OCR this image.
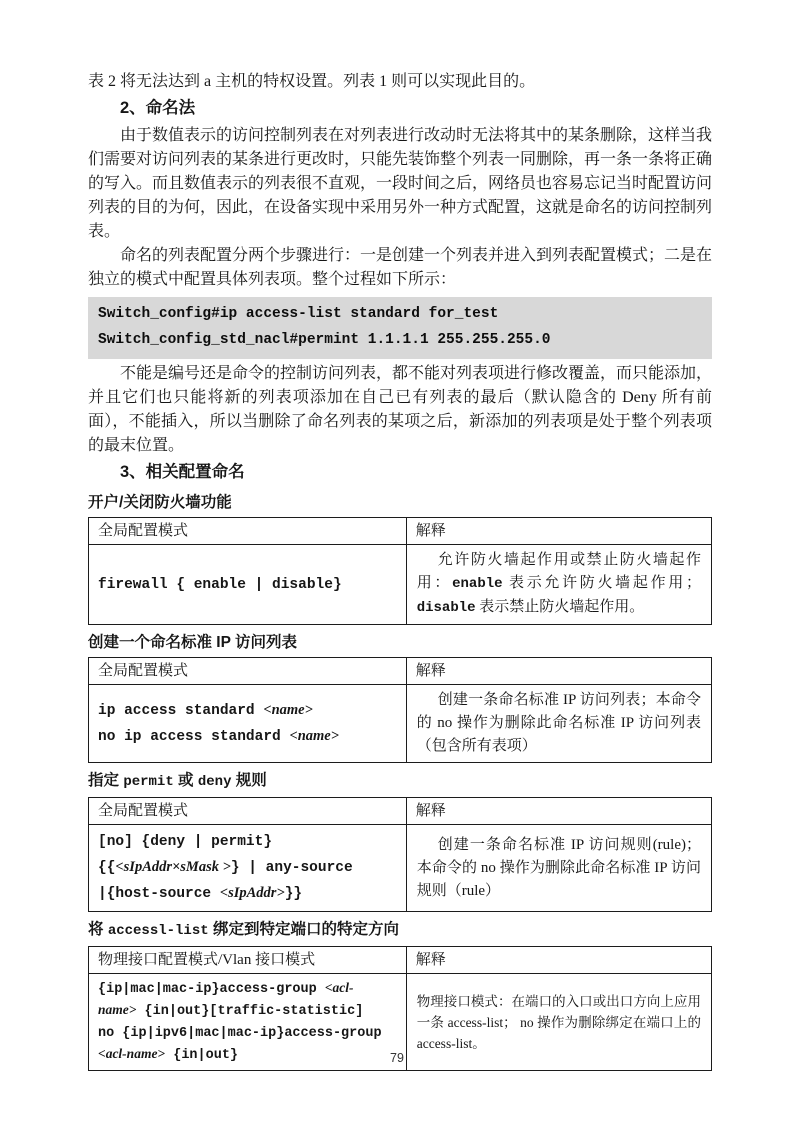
表 2 将无法达到 a 主机的特权设置。列表 1 则可以实现此目的。

2、命名法

由于数值表示的访问控制列表在对列表进行改动时无法将其中的某条删除，这样当我们需要对访问列表的某条进行更改时，只能先装饰整个列表一同删除，再一条一条将正确的写入。而且数值表示的列表很不直观，一段时间之后，网络员也容易忘记当时配置访问列表的目的为何，因此，在设备实现中采用另外一种方式配置，这就是命名的访问控制列表。

命名的列表配置分两个步骤进行：一是创建一个列表并进入到列表配置模式；二是在独立的模式中配置具体列表项。整个过程如下所示：

Switch_config#ip access-list standard for_test
Switch_config_std_nacl#permint 1.1.1.1 255.255.255.0

不能是编号还是命令的控制访问列表，都不能对列表项进行修改覆盖，而只能添加，并且它们也只能将新的列表项添加在自己已有列表的最后（默认隐含的 Deny 所有前面），不能插入，所以当删除了命名列表的某项之后，新添加的列表项是处于整个列表项的最末位置。

3、相关配置命名
开户/关闭防火墙功能
全局配置模式	解释

firewall { enable | disable}	允许防火墙起作用或禁止防火墙起作用：enable 表示允许防火墙起作用； disable 表示禁止防火墙起作用。
创建一个命名标准 IP 访问列表
全局配置模式	解释

ip access standard <name>
no ip access standard <name>	创建一条命名标准 IP 访问列表；本命令的 no 操作为删除此命名标准 IP 访问列表（包含所有表项）
指定 permit 或 deny 规则
全局配置模式	解释

[no] {deny | permit}
{{<sIpAddr×sMask >} | any-source
|{host-source <sIpAddr>}}	创建一条命名标准 IP 访问规则(rule)；本命令的 no 操作为删除此命名标准 IP 访问规则（rule）
将 accessl-list 绑定到特定端口的特定方向
物理接口配置模式/Vlan 接口模式	解释

{ip|mac|mac-ip}access-group <acl-
name> {in|out}[traffic-statistic]
no {ip|ipv6|mac|mac-ip}access-group
<acl-name> {in|out}	物理接口模式：在端口的入口或出口方向上应用一条 access-list； no 操作为删除绑定在端口上的 access-list。
79
